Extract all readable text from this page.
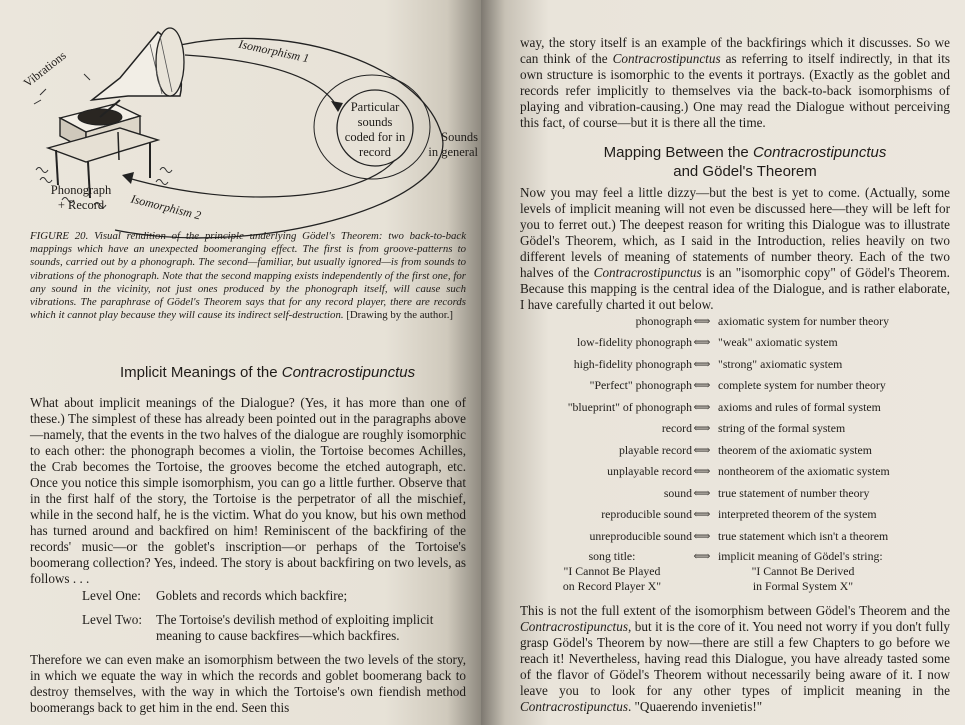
Vibrations	Isomorphism 1
Particular
sounds
coded for in
record
Sounds
in general
Phonograph
+ Record	Isomorphism 2
FIGURE 20. Visual rendition of the principle underlying Gödel's Theorem: two back-to-back mappings which have an unexpected boomeranging effect. The first is from groove-patterns to sounds, carried out by a phonograph. The second—familiar, but usually ignored—is from sounds to vibrations of the phonograph. Note that the second mapping exists independently of the first one, for any sound in the vicinity, not just ones produced by the phonograph itself, will cause such vibrations. The paraphrase of Gödel's Theorem says that for any record player, there are records which it cannot play because they will cause its indirect self-destruction. [Drawing by the author.]
Implicit Meanings of the Contracrostipunctus

What about implicit meanings of the Dialogue? (Yes, it has more than one of these.) The simplest of these has already been pointed out in the paragraphs above—namely, that the events in the two halves of the dialogue are roughly isomorphic to each other: the phonograph becomes a violin, the Tortoise becomes Achilles, the Crab becomes the Tortoise, the grooves become the etched autograph, etc. Once you notice this simple isomorphism, you can go a little further. Observe that in the first half of the story, the Tortoise is the perpetrator of all the mischief, while in the second half, he is the victim. What do you know, but his own method has turned around and backfired on him! Reminiscent of the backfiring of the records' music—or the goblet's inscription—or perhaps of the Tortoise's boomerang collection? Yes, indeed. The story is about backfiring on two levels, as follows . . .

Level One:	Goblets and records which backfire;
Level Two:	The Tortoise's devilish method of exploiting implicit meaning to cause backfires—which backfires.

Therefore we can even make an isomorphism between the two levels of the story, in which we equate the way in which the records and goblet boomerang back to destroy themselves, with the way in which the Tortoise's own fiendish method boomerangs back to get him in the end. Seen this

way, the story itself is an example of the backfirings which it discusses. So we can think of the Contracrostipunctus as referring to itself indirectly, in that its own structure is isomorphic to the events it portrays. (Exactly as the goblet and records refer implicitly to themselves via the back-to-back isomorphisms of playing and vibration-causing.) One may read the Dialogue without perceiving this fact, of course—but it is there all the time.

Mapping Between the Contracrostipunctus
and Gödel's Theorem

Now you may feel a little dizzy—but the best is yet to come. (Actually, some levels of implicit meaning will not even be discussed here—they will be left for you to ferret out.) The deepest reason for writing this Dialogue was to illustrate Gödel's Theorem, which, as I said in the Introduction, relies heavily on two different levels of meaning of statements of number theory. Each of the two halves of the Contracrostipunctus is an "isomorphic copy" of Gödel's Theorem. Because this mapping is the central idea of the Dialogue, and is rather elaborate, I have carefully charted it out below.

phonograph ⟺ axiomatic system for number theory
low-fidelity phonograph ⟺ "weak" axiomatic system
high-fidelity phonograph ⟺ "strong" axiomatic system
"Perfect" phonograph ⟺ complete system for number theory
"blueprint" of phonograph ⟺ axioms and rules of formal system
record ⟺ string of the formal system
playable record ⟺ theorem of the axiomatic system
unplayable record ⟺ nontheorem of the axiomatic system
sound ⟺ true statement of number theory
reproducible sound ⟺ interpreted theorem of the system
unreproducible sound ⟺ true statement which isn't a theorem
song title:
"I Cannot Be Played
on Record Player X"
⟺ implicit meaning of Gödel's string:
"I Cannot Be Derived
in Formal System X"

This is not the full extent of the isomorphism between Gödel's Theorem and the Contracrostipunctus, but it is the core of it. You need not worry if you don't fully grasp Gödel's Theorem by now—there are still a few Chapters to go before we reach it! Nevertheless, having read this Dialogue, you have already tasted some of the flavor of Gödel's Theorem without necessarily being aware of it. I now leave you to look for any other types of implicit meaning in the Contracrostipunctus. "Quaerendo invenietis!"
